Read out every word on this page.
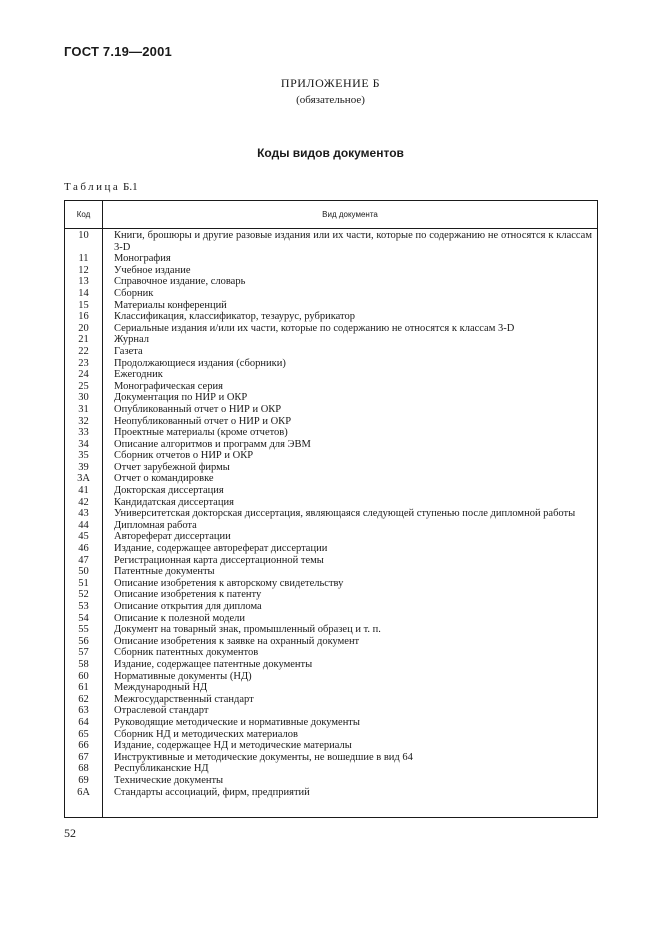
ГОСТ 7.19—2001
ПРИЛОЖЕНИЕ Б
(обязательное)
Коды видов документов
Таблица Б.1
Код	Вид документа
10	Книги, брошюры и другие разовые издания или их части, которые по содержанию не относятся к классам 3-D
11	Монография
12	Учебное издание
13	Справочное издание, словарь
14	Сборник
15	Материалы конференций
16	Классификация, классификатор, тезаурус, рубрикатор
20	Сериальные издания и/или их части, которые по содержанию не относятся к классам 3-D
21	Журнал
22	Газета
23	Продолжающиеся издания (сборники)
24	Ежегодник
25	Монографическая серия
30	Документация по НИР и ОКР
31	Опубликованный отчет о НИР и ОКР
32	Неопубликованный отчет о НИР и ОКР
33	Проектные материалы (кроме отчетов)
34	Описание алгоритмов и программ для ЭВМ
35	Сборник отчетов о НИР и ОКР
39	Отчет зарубежной фирмы
3А	Отчет о командировке
41	Докторская диссертация
42	Кандидатская диссертация
43	Университетская докторская диссертация, являющаяся следующей ступенью после дипломной работы
44	Дипломная работа
45	Автореферат диссертации
46	Издание, содержащее автореферат диссертации
47	Регистрационная карта диссертационной темы
50	Патентные документы
51	Описание изобретения к авторскому свидетельству
52	Описание изобретения к патенту
53	Описание открытия для диплома
54	Описание к полезной модели
55	Документ на товарный знак, промышленный образец и т. п.
56	Описание изобретения к заявке на охранный документ
57	Сборник патентных документов
58	Издание, содержащее патентные документы
60	Нормативные документы (НД)
61	Международный НД
62	Межгосударственный стандарт
63	Отраслевой стандарт
64	Руководящие методические и нормативные документы
65	Сборник НД и методических материалов
66	Издание, содержащее НД и методические материалы
67	Инструктивные и методические документы, не вошедшие в вид 64
68	Республиканские НД
69	Технические документы
6А	Стандарты ассоциаций, фирм, предприятий
52
